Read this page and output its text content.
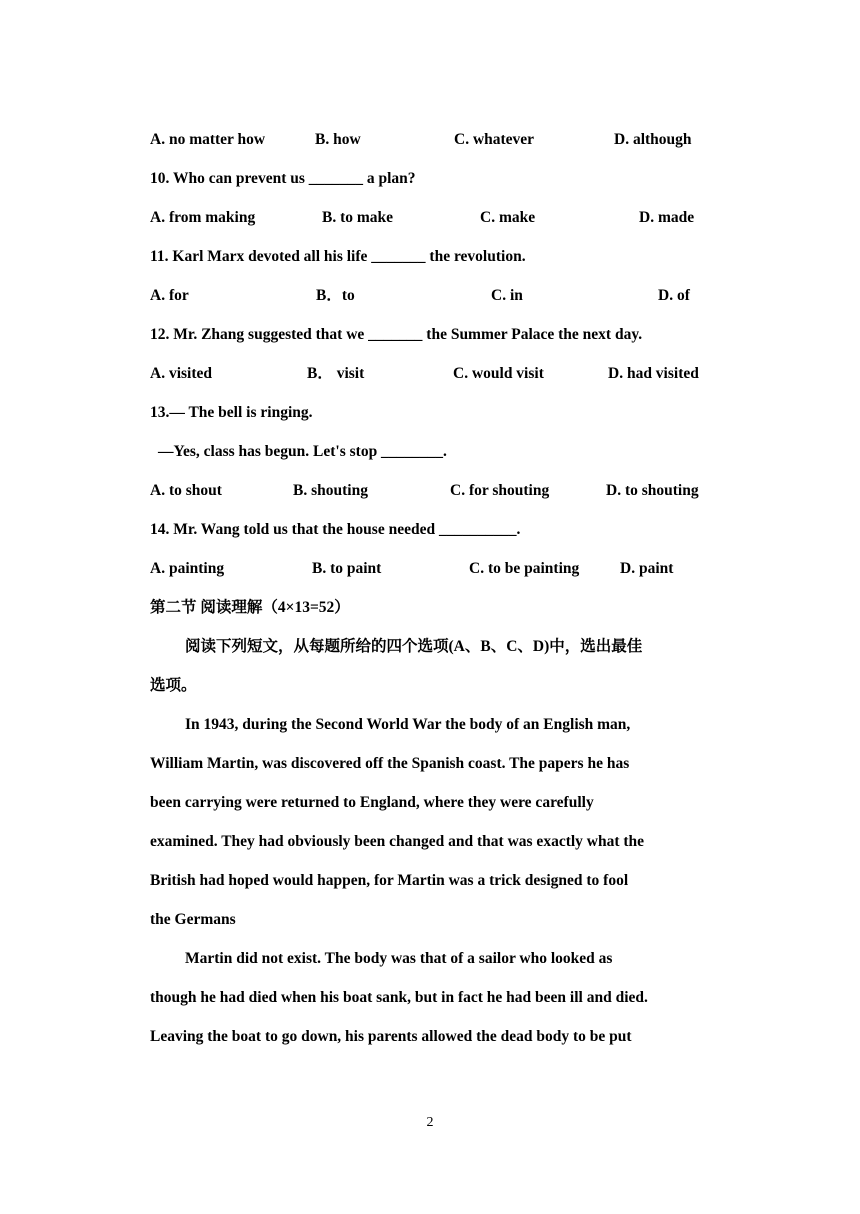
A. no matter how	B. how	C. whatever	D. although
10. Who can prevent us _______ a plan?
A. from making	B. to make	C. make	D. made
11. Karl Marx devoted all his life _______ the revolution.
A. for	B．to	C. in	D. of
12. Mr. Zhang suggested that we _______ the Summer Palace the next day.
A. visited	B． visit	C. would visit	D. had visited
13.— The bell is ringing.
—Yes, class has begun. Let's stop ________.
A. to shout	B. shouting	C. for shouting	D. to shouting
14. Mr. Wang told us that the house needed __________.
A. painting	B. to paint	C. to be painting	D. paint
第二节 阅读理解（4×13=52）
阅读下列短文，从每题所给的四个选项(A、B、C、D)中，选出最佳
选项。
In 1943, during the Second World War the body of an English man,
William Martin, was discovered off the Spanish coast. The papers he has
been carrying were returned to England, where they were carefully
examined. They had obviously been changed and that was exactly what the
British had hoped would happen, for Martin was a trick designed to fool
the Germans
Martin did not exist. The body was that of a sailor who looked as
though he had died when his boat sank, but in fact he had been ill and died.
Leaving the boat to go down, his parents allowed the dead body to be put
2
